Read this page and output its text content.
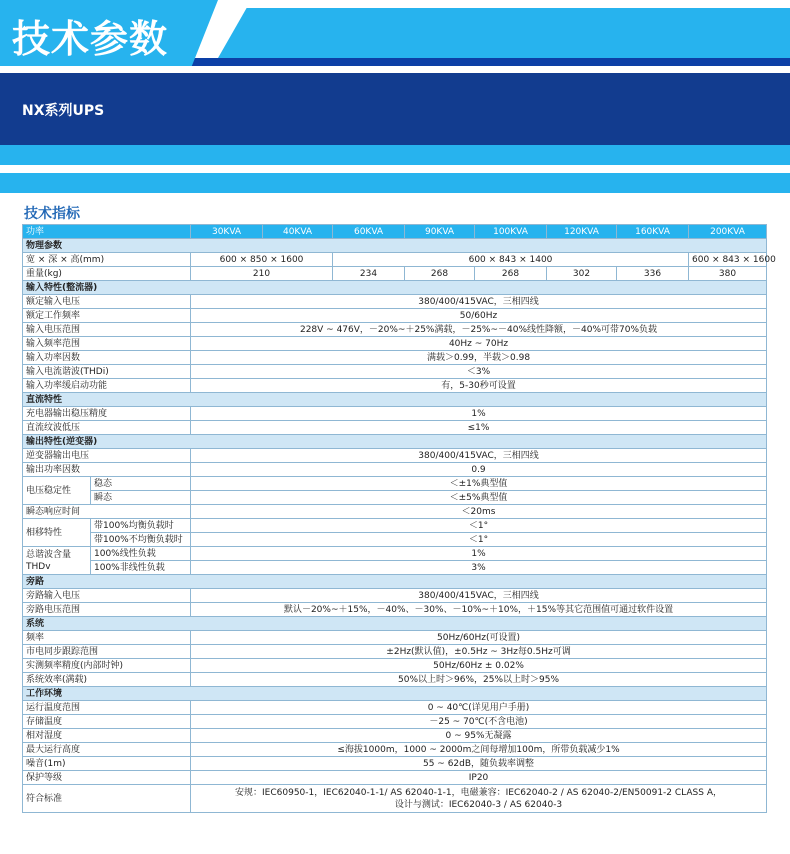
技术参数
NX系列UPS
技术指标
功率		30KVA	40KVA	60KVA	90KVA	100KVA	120KVA	160KVA	200KVA
物理参数									
宽 × 深 × 高(mm)		600 × 850 × 1600		600 × 843 × 1400					600 × 843 × 1600
重量(kg)		210		234	268	268	302	336	380
输入特性(整流器)									
额定输入电压		380/400/415VAC，三相四线							
额定工作频率		50/60Hz							
输入电压范围		228V ~ 476V，－20%~＋25%满载，－25%~－40%线性降额，－40%可带70%负载							
输入频率范围		40Hz ~ 70Hz							
输入功率因数		满载＞0.99，半载＞0.98							
输入电流谐波(THDi)		＜3%							
输入功率缓启动功能		有，5-30秒可设置							
直流特性									
充电器输出稳压精度		1%							
直流纹波低压		≤1%							
输出特性(逆变器)									
逆变器输出电压		380/400/415VAC，三相四线							
输出功率因数		0.9							
电压稳定性	稳态	＜±1%典型值							
	瞬态	＜±5%典型值							
瞬态响应时间		＜20ms							
相移特性	带100%均衡负载时	＜1°							
	带100%不均衡负载时	＜1°							
总谐波含量
THDv	100%线性负载	1%							
	100%非线性负载	3%							
旁路									
旁路输入电压		380/400/415VAC，三相四线							
旁路电压范围		默认－20%~＋15%，－40%、－30%、－10%~＋10%，＋15%等其它范围值可通过软件设置							
系统									
频率		50Hz/60Hz(可设置)							
市电同步跟踪范围		±2Hz(默认值)，±0.5Hz ~ 3Hz每0.5Hz可调							
实测频率精度(内部时钟)		50Hz/60Hz ± 0.02%							
系统效率(满载)		50%以上时＞96%，25%以上时＞95%							
工作环境									
运行温度范围		0 ~ 40℃(详见用户手册)							
存储温度		－25 ~ 70℃(不含电池)							
相对湿度		0 ~ 95%无凝露							
最大运行高度		≤海拔1000m，1000 ~ 2000m之间每增加100m，所带负载减少1%							
噪音(1m)		55 ~ 62dB，随负载率调整							
保护等级		IP20							
符合标准		安规：IEC60950-1，IEC62040-1-1/ AS 62040-1-1，电磁兼容：IEC62040-2 / AS 62040-2/EN50091-2 CLASS A，
设计与测试：IEC62040-3 / AS 62040-3							
